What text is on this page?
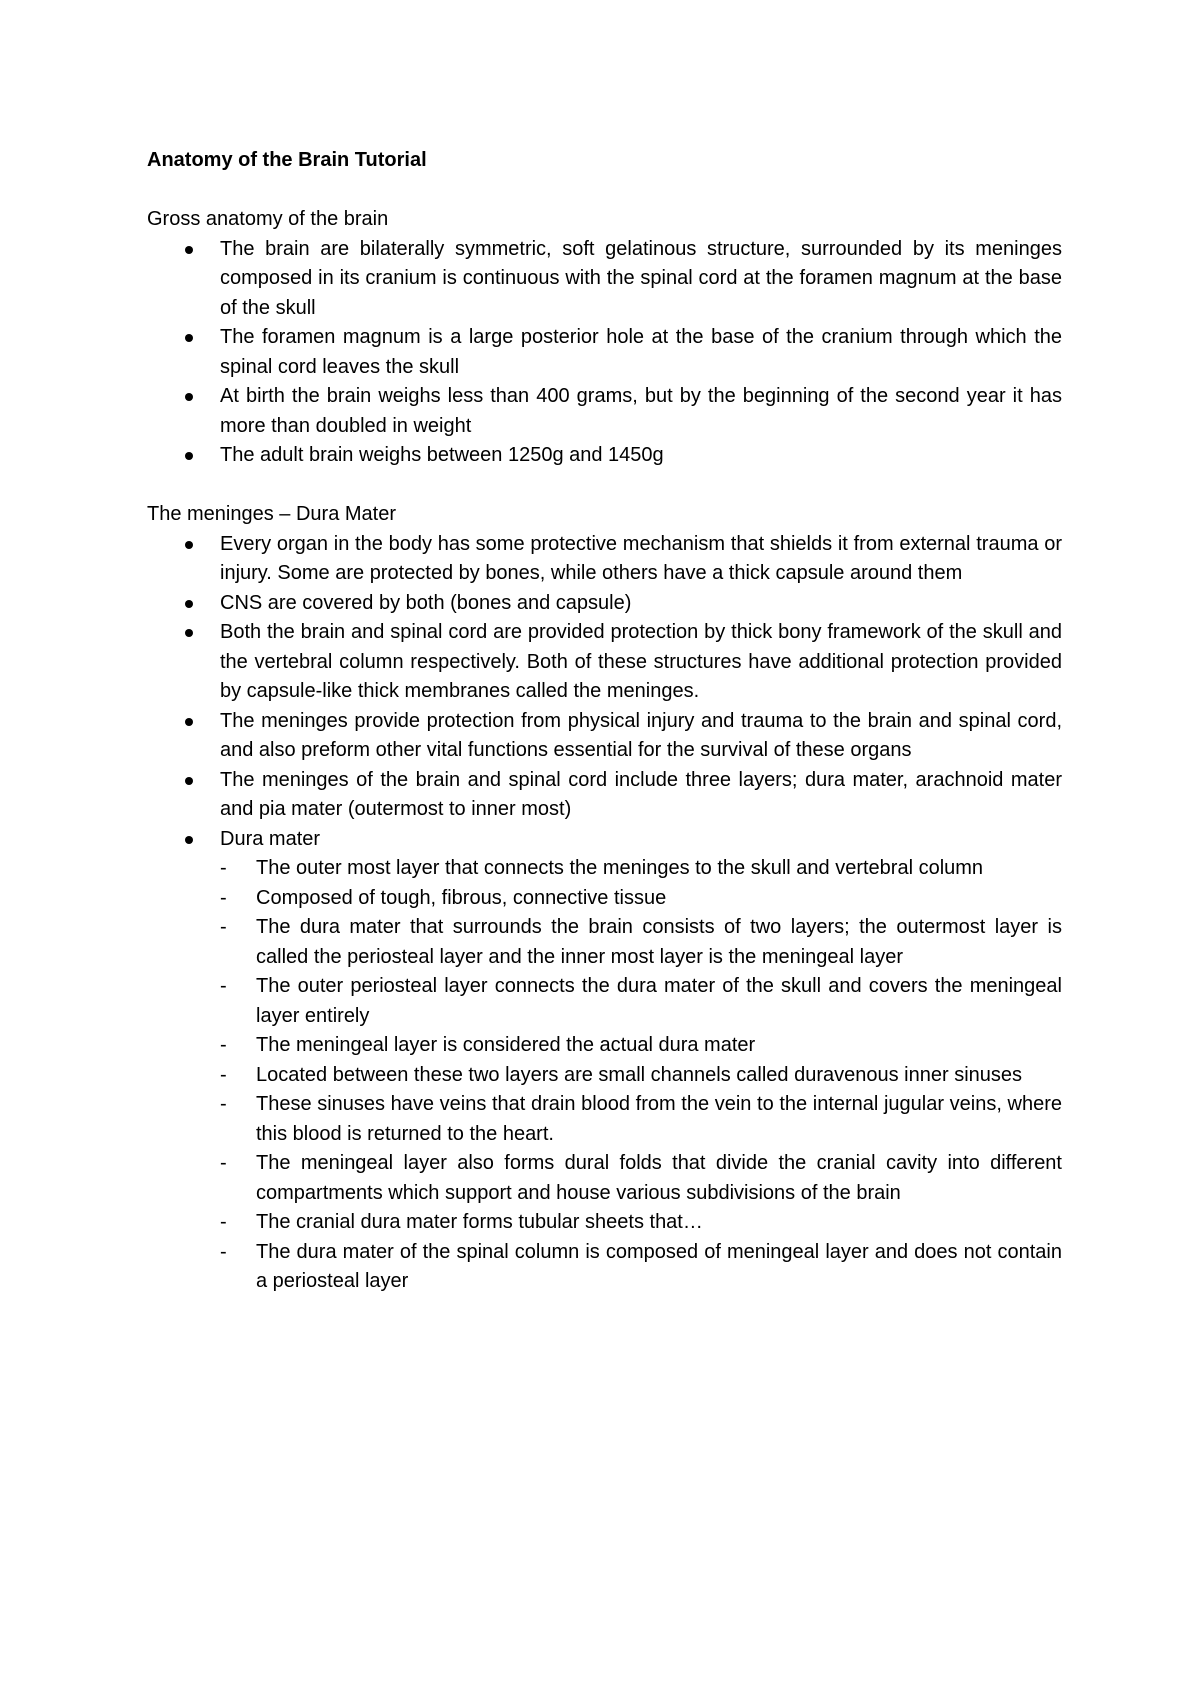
Anatomy of the Brain Tutorial

Gross anatomy of the brain

The brain are bilaterally symmetric, soft gelatinous structure, surrounded by its meninges composed in its cranium is continuous with the spinal cord at the foramen magnum at the base of the skull
The foramen magnum is a large posterior hole at the base of the cranium through which the spinal cord leaves the skull
At birth the brain weighs less than 400 grams, but by the beginning of the second year it has more than doubled in weight
The adult brain weighs between 1250g and 1450g

The meninges – Dura Mater

Every organ in the body has some protective mechanism that shields it from external trauma or injury. Some are protected by bones, while others have a thick capsule around them
CNS are covered by both (bones and capsule)
Both the brain and spinal cord are provided protection by thick bony framework of the skull and the vertebral column respectively. Both of these structures have additional protection provided by capsule-like thick membranes called the meninges.
The meninges provide protection from physical injury and trauma to the brain and spinal cord, and also preform other vital functions essential for the survival of these organs
The meninges of the brain and spinal cord include three layers; dura mater, arachnoid mater and pia mater (outermost to inner most)
Dura mater
- The outer most layer that connects the meninges to the skull and vertebral column
- Composed of tough, fibrous, connective tissue
- The dura mater that surrounds the brain consists of two layers; the outermost layer is called the periosteal layer and the inner most layer is the meningeal layer
- The outer periosteal layer connects the dura mater of the skull and covers the meningeal layer entirely
- The meningeal layer is considered the actual dura mater
- Located between these two layers are small channels called duravenous inner sinuses
- These sinuses have veins that drain blood from the vein to the internal jugular veins, where this blood is returned to the heart.
- The meningeal layer also forms dural folds that divide the cranial cavity into different compartments which support and house various subdivisions of the brain
- The cranial dura mater forms tubular sheets that…
- The dura mater of the spinal column is composed of meningeal layer and does not contain a periosteal layer
